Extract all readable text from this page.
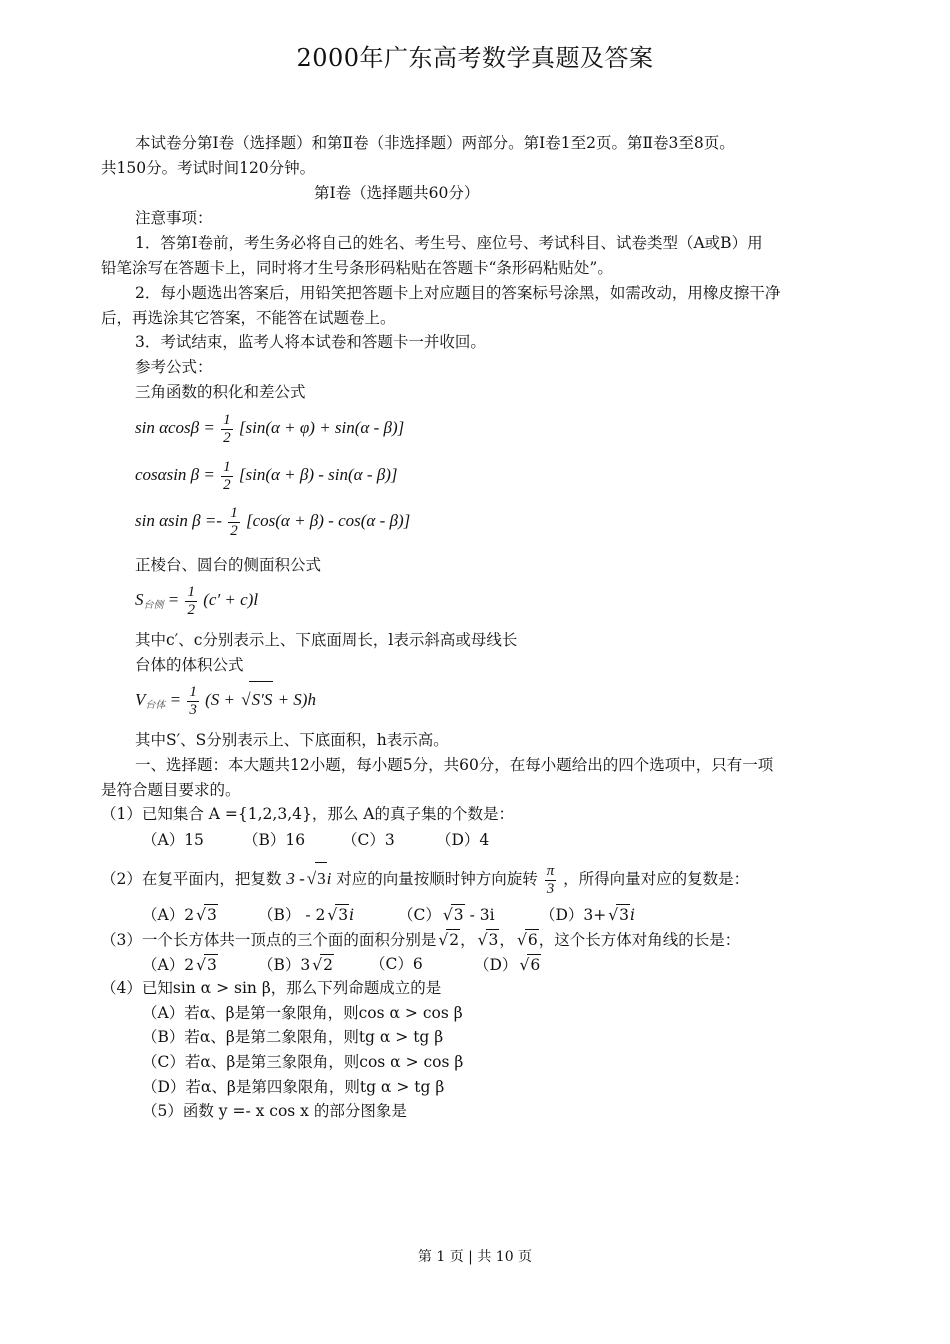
2000年广东高考数学真题及答案
本试卷分第Ⅰ卷（选择题）和第Ⅱ卷（非选择题）两部分。第Ⅰ卷1至2页。第Ⅱ卷3至8页。
共150分。考试时间120分钟。
第Ⅰ卷（选择题共60分）
注意事项：
1．答第Ⅰ卷前，考生务必将自己的姓名、考生号、座位号、考试科目、试卷类型（A或B）用
铅笔涂写在答题卡上，同时将才生号条形码粘贴在答题卡“条形码粘贴处”。
2．每小题选出答案后，用铅笑把答题卡上对应题目的答案标号涂黑，如需改动，用橡皮擦干净
后，再选涂其它答案，不能答在试题卷上。
3．考试结束，监考人将本试卷和答题卡一并收回。
参考公式：
三角函数的积化和差公式
$\sin \alpha\cos\beta = \frac{1}{2} [\sin(\alpha + \varphi) + \sin(\alpha - \beta)]$
cosαsin $\beta = \frac{1}{2} [\sin(\alpha + \beta) - \sin(\alpha - \beta)]$
sin αsin $\beta =- \frac{1}{2} [\cos(\alpha + \beta) - \cos(\alpha - \beta)]$
正棱台、圆台的侧面积公式
$S_{台侧} = \frac{1}{2} (c' + c)l$
其中c′、c分别表示上、下底面周长，l表示斜高或母线长
台体的体积公式
$V_{台体} = \frac{1}{3} (S$ + √ S′S + S)h
其中S′、S分别表示上、下底面积，h表示高。
一、选择题：本大题共12小题，每小题5分，共60分，在每小题给出的四个选项中，只有一项
是符合题目要求的。
（1）已知集合 A ={1,2,3,4}，那么 A的真子集的个数是：
（A）15	（B）16 （C）3	（D）4
（2）在复平面内，把复数 3 - √ 3i 对应的向量按顺时钟方向旋转 $\frac{\pi}{3}$ ，所得向量对应的复数是：
（A）2 √ 3	（B） - 2 √ 3i	（C） √ 3 - 3i	（D）3+ √ 3i
（3）一个长方体共一顶点的三个面的面积分别是 √ 2， √ 3， √ 6，这个长方体对角线的长是：
（A）2 √ 3	（B）3 √ 2 （C）6	（D） √ 6
（4）已知sin α > sin β，那么下列命题成立的是
（A）若α、β是第一象限角，则cos α > cos β
（B）若α、β是第二象限角，则tg α > tg β
（C）若α、β是第三象限角，则cos α > cos β
（D）若α、β是第四象限角，则tg α > tg β
（5）函数 y =- x cos x 的部分图象是
第 1 页 | 共 10 页
